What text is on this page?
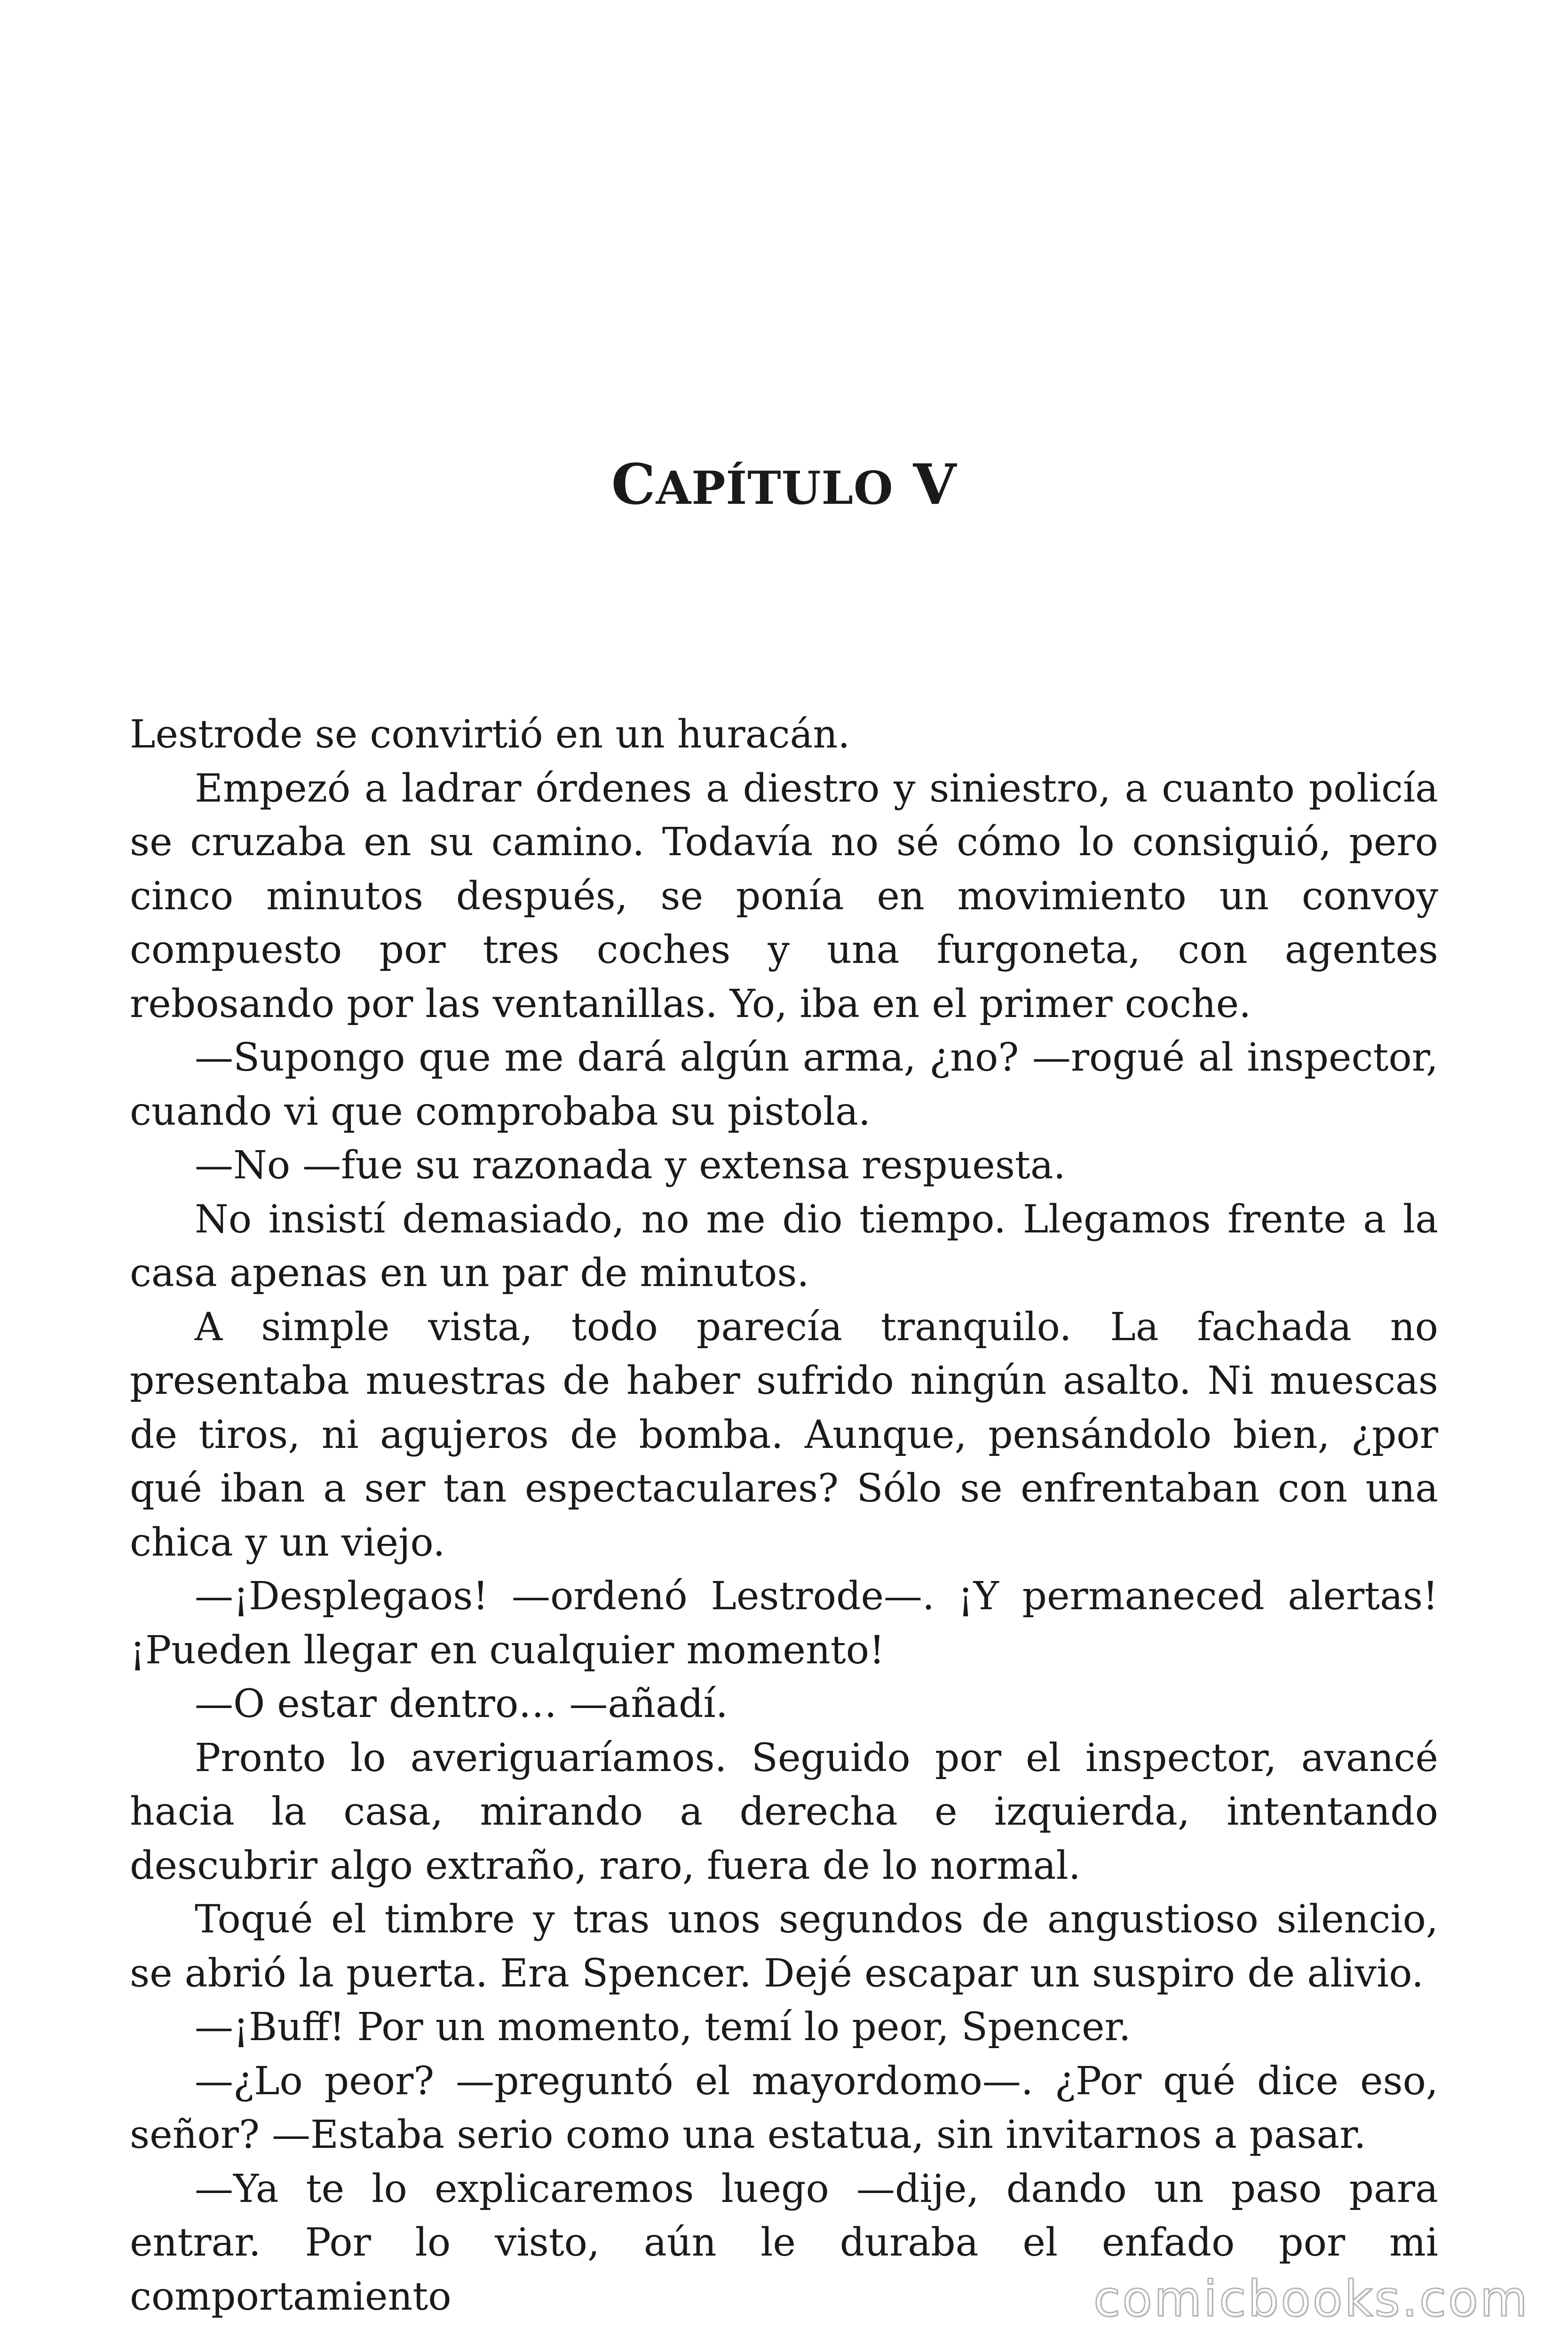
CAPÍTULO V

Lestrode se convirtió en un huracán.

Empezó a ladrar órdenes a diestro y siniestro, a cuanto policía se cruzaba en su camino. Todavía no sé cómo lo consiguió, pero cinco minutos después, se ponía en movimiento un convoy compuesto por tres coches y una furgoneta, con agentes rebosando por las ventanillas. Yo, iba en el primer coche.

—Supongo que me dará algún arma, ¿no? —rogué al inspector, cuando vi que comprobaba su pistola.

—No —fue su razonada y extensa respuesta.

No insistí demasiado, no me dio tiempo. Llegamos frente a la casa apenas en un par de minutos.

A simple vista, todo parecía tranquilo. La fachada no presentaba muestras de haber sufrido ningún asalto. Ni muescas de tiros, ni agujeros de bomba. Aunque, pensándolo bien, ¿por qué iban a ser tan espectaculares? Sólo se enfrentaban con una chica y un viejo.

—¡Desplegaos! —ordenó Lestrode—. ¡Y permaneced alertas! ¡Pueden llegar en cualquier momento!

—O estar dentro… —añadí.

Pronto lo averiguaríamos. Seguido por el inspector, avancé hacia la casa, mirando a derecha e izquierda, intentando descubrir algo extraño, raro, fuera de lo normal.

Toqué el timbre y tras unos segundos de angustioso silencio, se abrió la puerta. Era Spencer. Dejé escapar un suspiro de alivio.

—¡Buff! Por un momento, temí lo peor, Spencer.

—¿Lo peor? —preguntó el mayordomo—. ¿Por qué dice eso, señor? —Estaba serio como una estatua, sin invitarnos a pasar.

—Ya te lo explicaremos luego —dije, dando un paso para entrar. Por lo visto, aún le duraba el enfado por mi comportamiento	comicbooks.com
